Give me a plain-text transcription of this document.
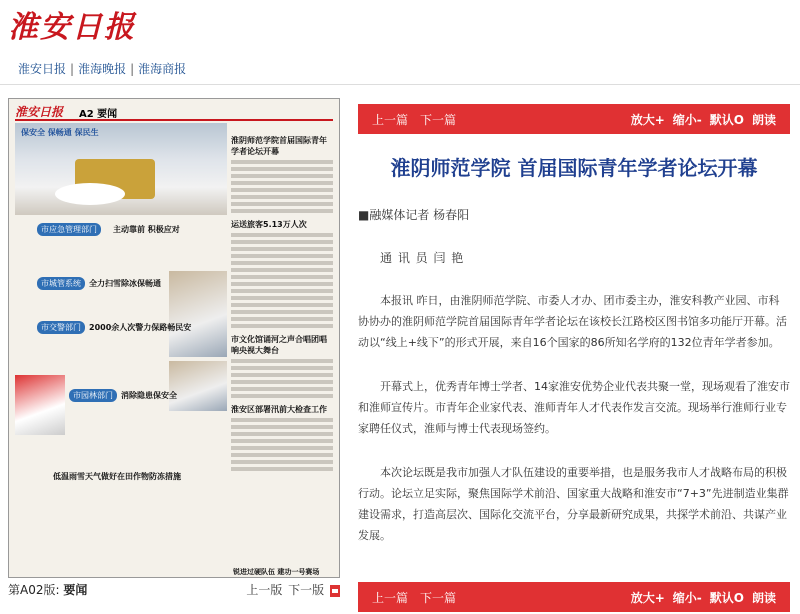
淮安日报
淮安日报 | 淮海晚报 | 淮海商报
淮安日报 A2 要闻
保安全 保畅通 保民生
淮阴师范学院首届国际青年学者论坛开幕
运送旅客5.13万人次
市文化馆诵河之声合唱团唱响央视大舞台
淮安区部署汛前大检查工作
市应急管理部门	主动靠前 积极应对
市城管系统	全力扫雪除冰保畅通
市交警部门	2000余人次警力保路畅民安
市园林部门	消除隐患保安全
低温雨雪天气做好在田作物防冻措施
锐进过硬队伍 建功一号赛场
第A02版: 要闻	上一版 下一版
上一篇 下一篇	放大+ 缩小- 默认O 朗读
淮阴师范学院 首届国际青年学者论坛开幕
■融媒体记者 杨春阳
通 讯 员 闫 艳

本报讯 昨日，由淮阴师范学院、市委人才办、团市委主办，淮安科教产业园、市科协协办的淮阴师范学院首届国际青年学者论坛在该校长江路校区图书馆多功能厅开幕。活动以“线上+线下”的形式开展，来自16个国家的86所知名学府的132位青年学者参加。

开幕式上，优秀青年博士学者、14家淮安优势企业代表共聚一堂，现场观看了淮安市和淮师宣传片。市青年企业家代表、淮师青年人才代表作发言交流。现场举行淮师行业专家聘任仪式，淮师与博士代表现场签约。

本次论坛既是我市加强人才队伍建设的重要举措，也是服务我市人才战略布局的积极行动。论坛立足实际，聚焦国际学术前沿、国家重大战略和淮安市“7+3”先进制造业集群建设需求，打造高层次、国际化交流平台，分享最新研究成果，共探学术前沿、共谋产业发展。

上一篇 下一篇	放大+ 缩小- 默认O 朗读
